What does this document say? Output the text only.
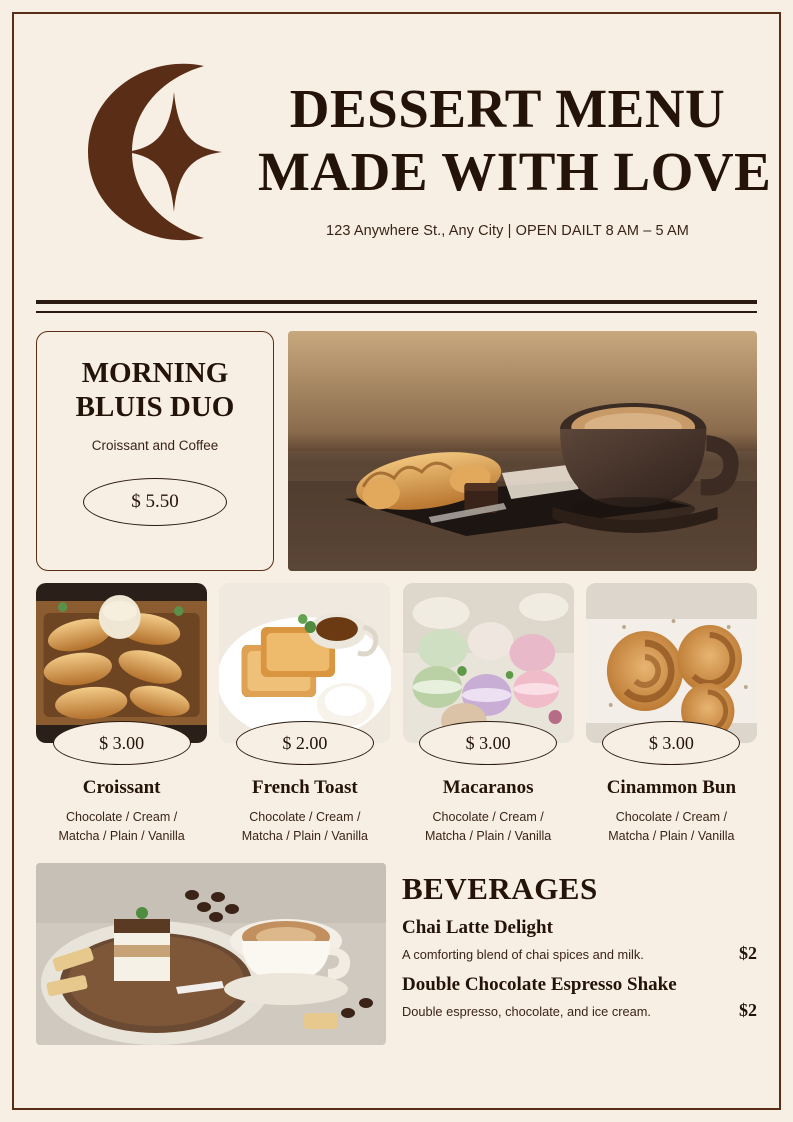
DESSERT MENU
MADE WITH LOVE
123 Anywhere St., Any City | OPEN DAILT 8 AM – 5 AM
MORNING
BLUIS DUO
Croissant and Coffee
$ 5.50
$ 3.00
Croissant
Chocolate / Cream /
Matcha / Plain / Vanilla
$ 2.00
French Toast
Chocolate / Cream /
Matcha / Plain / Vanilla
$ 3.00
Macaranos
Chocolate / Cream /
Matcha / Plain / Vanilla
$ 3.00
Cinammon Bun
Chocolate / Cream /
Matcha / Plain / Vanilla
BEVERAGES
Chai Latte Delight
A comforting blend of chai spices and milk.	$2
Double Chocolate Espresso Shake
Double espresso, chocolate, and ice cream.	$2
